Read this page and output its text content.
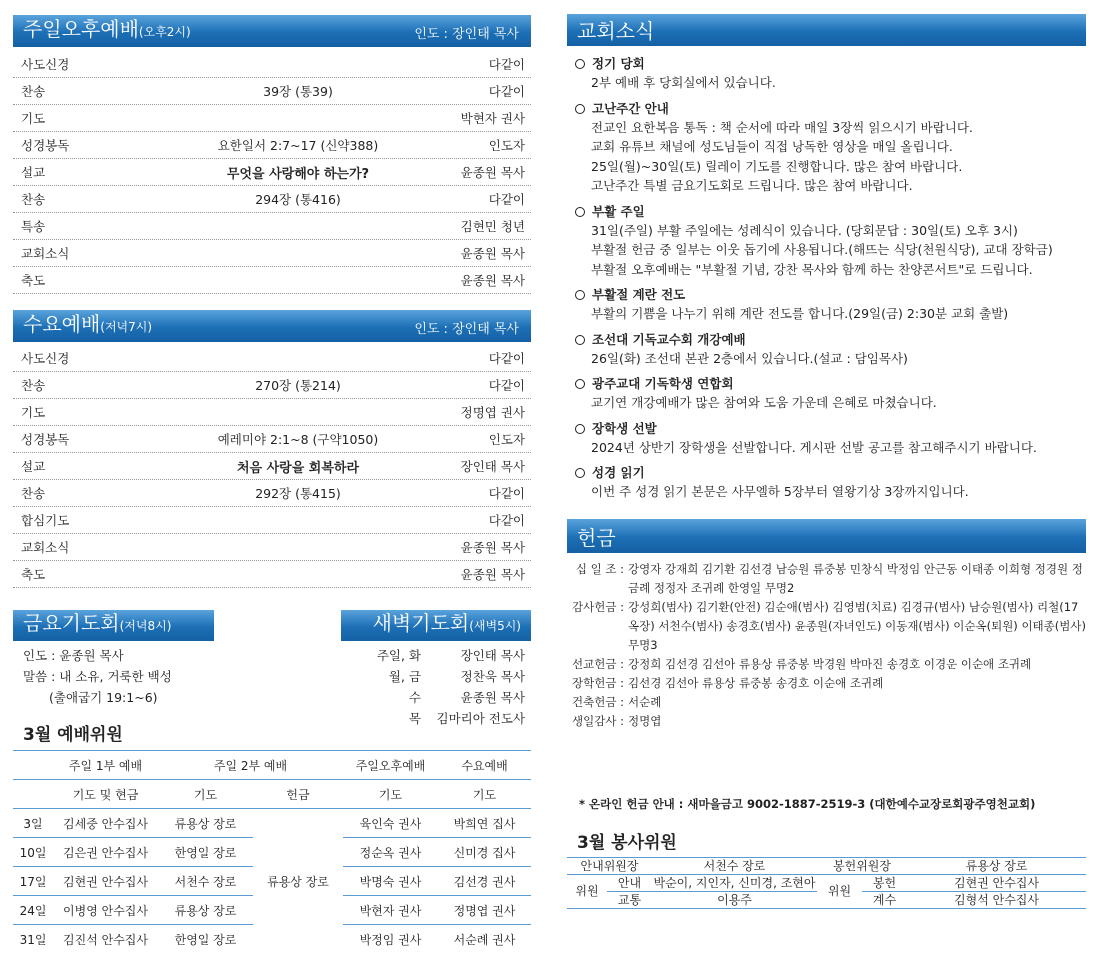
주일오후예배(오후2시)	인도 : 장인태 목사
사도신경	다같이
찬송	39장 (통39)	다같이
기도	박현자 권사
성경봉독	요한일서 2:7~17 (신약388)	인도자
설교	무엇을 사랑해야 하는가?	윤종원 목사
찬송	294장 (통416)	다같이
특송	김현민 청년
교회소식	윤종원 목사
축도	윤종원 목사
수요예배(저녁7시)	인도 : 장인태 목사
사도신경	다같이
찬송	270장 (통214)	다같이
기도	정명엽 권사
성경봉독	예레미야 2:1~8 (구약1050)	인도자
설교	처음 사랑을 회복하라	장인태 목사
찬송	292장 (통415)	다같이
합심기도	다같이
교회소식	윤종원 목사
축도	윤종원 목사
금요기도회(저녁8시)	새벽기도회(새벽5시)
인도 : 윤종원 목사
말씀 : 내 소유, 거룩한 백성
(출애굽기 19:1~6)
주일, 화	장인태 목사
월, 금	정찬욱 목사
수	윤종원 목사
목	김마리아 전도사
3월 예배위원
	주일 1부 예배	주일 2부 예배		주일오후예배	수요예배
	기도 및 현금	기도	헌금	기도	기도
3일	김세중 안수집사	류용상 장로	류용상 장로	육인숙 권사	박희연 집사
10일	김은권 안수집사	한영일 장로		정순옥 권사	신미경 집사
17일	김현권 안수집사	서천수 장로		박명숙 권사	김선경 권사
24일	이병영 안수집사	류용상 장로		박현자 권사	정명엽 권사
31일	김진석 안수집사	한영일 장로		박정임 권사	서순례 권사
교회소식
정기 당회
2부 예배 후 당회실에서 있습니다.
고난주간 안내
전교인 요한복음 통독 : 책 순서에 따라 매일 3장씩 읽으시기 바랍니다.
교회 유튜브 채널에 성도님들이 직접 낭독한 영상을 매일 올립니다.
25일(월)~30일(토) 릴레이 기도를 진행합니다. 많은 참여 바랍니다.
고난주간 특별 금요기도회로 드립니다. 많은 참여 바랍니다.
부활 주일
31일(주일) 부활 주일에는 성례식이 있습니다. (당회문답 : 30일(토) 오후 3시)
부활절 헌금 중 일부는 이웃 돕기에 사용됩니다.(해뜨는 식당(천원식당), 교대 장학금)
부활절 오후예배는 "부활절 기념, 강찬 목사와 함께 하는 찬양콘서트"로 드립니다.
부활절 계란 전도
부활의 기쁨을 나누기 위해 계란 전도를 합니다.(29일(금) 2:30분 교회 출발)
조선대 기독교수회 개강예배
26일(화) 조선대 본관 2층에서 있습니다.(설교 : 담임목사)
광주교대 기독학생 연합회
교기연 개강예배가 많은 참여와 도움 가운데 은혜로 마쳤습니다.
장학생 선발
2024년 상반기 장학생을 선발합니다. 게시판 선발 공고를 참고해주시기 바랍니다.
성경 읽기
이번 주 성경 읽기 본문은 사무엘하 5장부터 열왕기상 3장까지입니다.
헌금
십 일 조 : 강영자 강재희 김기환 김선경 남승원 류중봉 민창식 박정임 안근동 이태종 이희형 정경원 정금례 정정자 조귀례 한영일 무명2
감사헌금 : 강성희(범사) 김기환(안전) 김순애(범사) 김영범(치료) 김경규(범사) 남승원(범사) 리철(17옥장) 서천수(범사) 송경호(범사) 윤종원(자녀인도) 이동재(범사) 이순옥(퇴원) 이태종(범사) 무명3
선교헌금 : 강정희 김선경 김선아 류용상 류중봉 박경원 박마진 송경호 이경운 이순애 조귀례
장학헌금 : 김선경 김선아 류용상 류중봉 송경호 이순애 조귀례
건축헌금 : 서순례
생일감사 : 정명엽
* 온라인 헌금 안내 : 새마을금고 9002-1887-2519-3 (대한예수교장로회광주영천교회)
3월 봉사위원
안내위원장		서천수 장로	봉헌위원장		류용상 장로
위원	안내	박순이, 지인자, 신미경, 조현아	위원	봉헌	김현권 안수집사
	교통	이용주		계수	김형석 안수집사
